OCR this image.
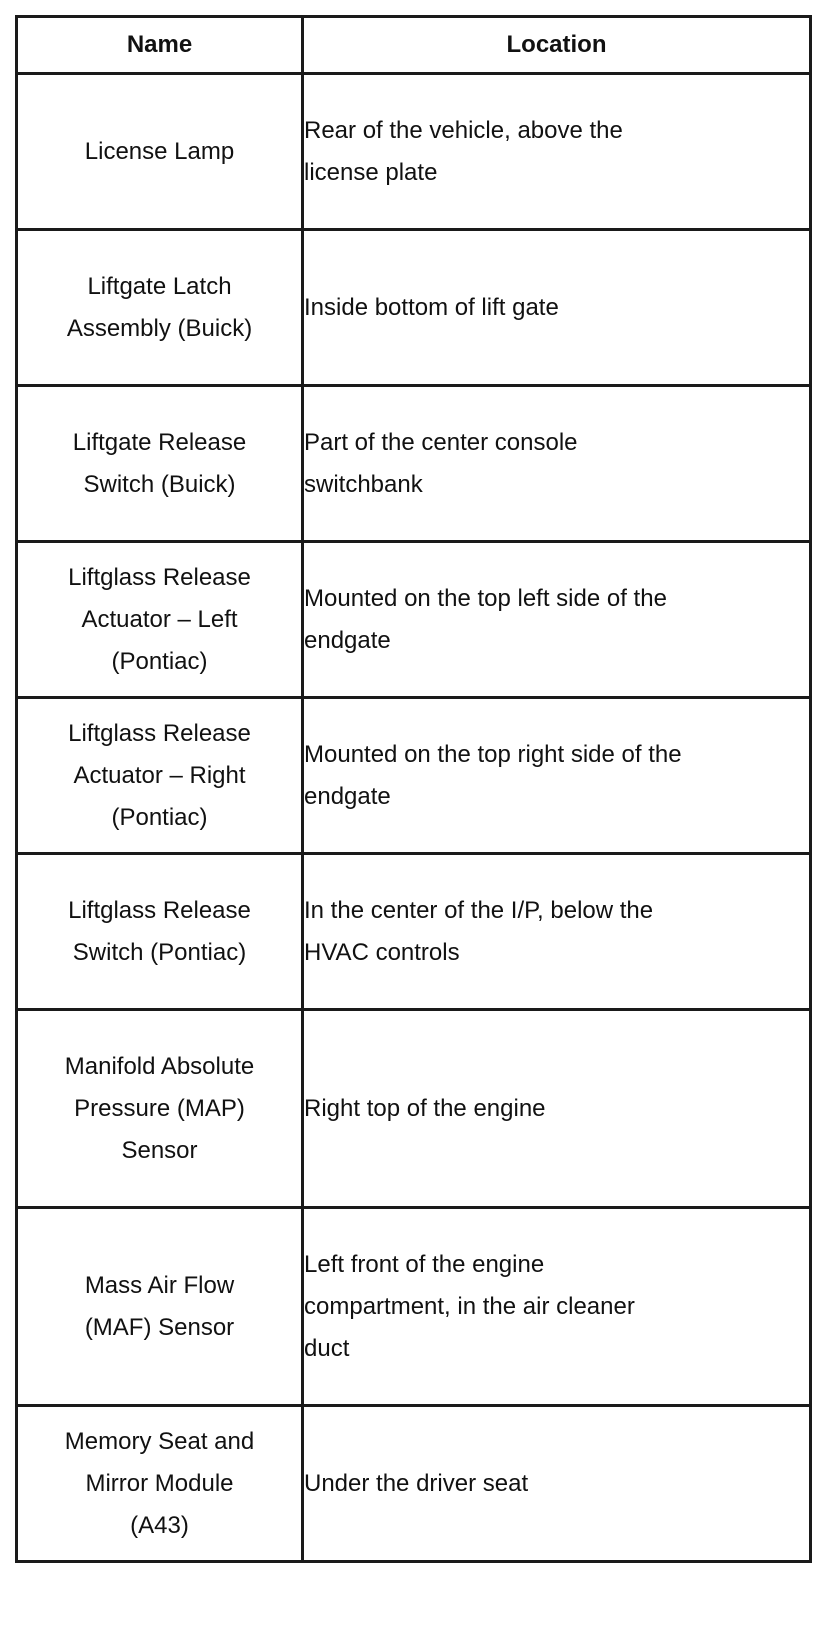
Name	Location

License Lamp	Rear of the vehicle, above the
license plate

Liftgate Latch
Assembly (Buick)	Inside bottom of lift gate

Liftgate Release
Switch (Buick)	Part of the center console
switchbank

Liftglass Release
Actuator – Left
(Pontiac)	Mounted on the top left side of the
endgate

Liftglass Release
Actuator – Right
(Pontiac)	Mounted on the top right side of the
endgate

Liftglass Release
Switch (Pontiac)	In the center of the I/P, below the
HVAC controls

Manifold Absolute
Pressure (MAP)
Sensor	Right top of the engine

Mass Air Flow
(MAF) Sensor	Left front of the engine
compartment, in the air cleaner
duct

Memory Seat and
Mirror Module
(A43)	Under the driver seat
